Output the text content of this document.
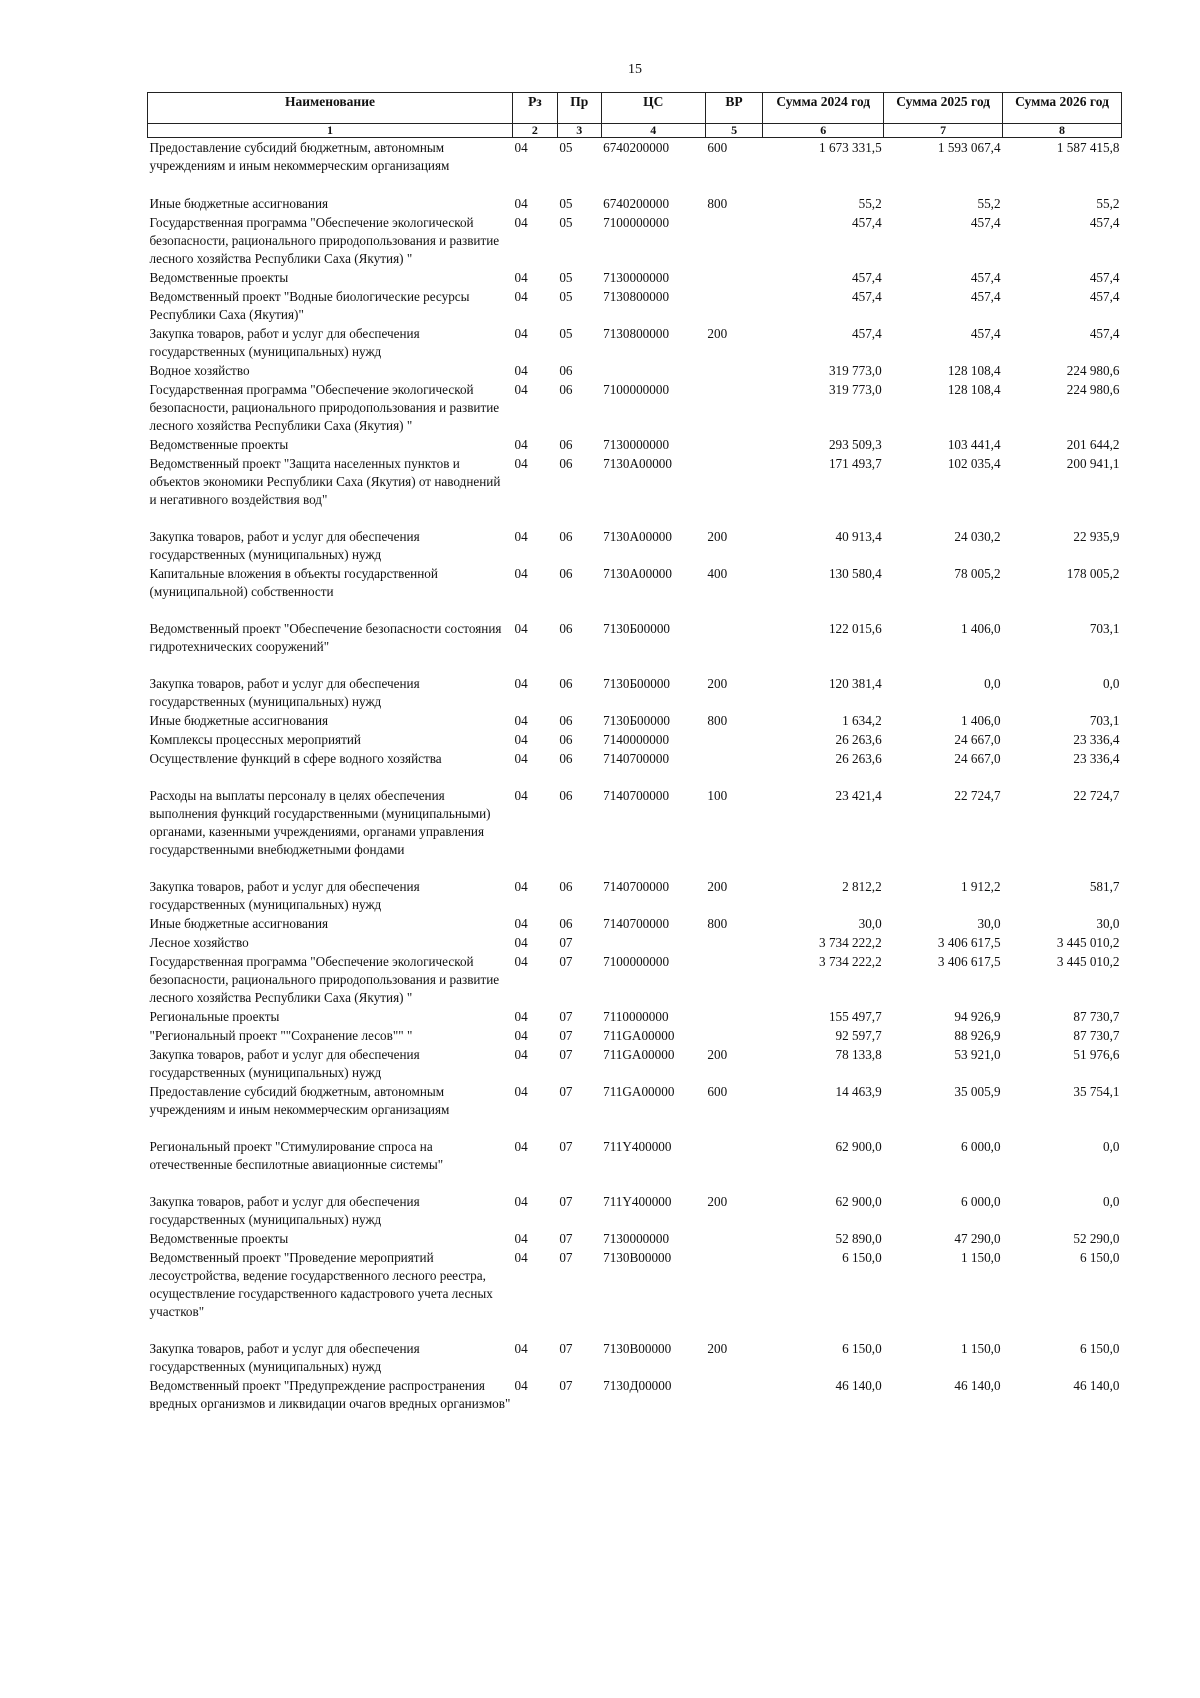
15
Наименование	Рз	Пр	ЦС	ВР	Сумма 2024 год	Сумма 2025 год	Сумма 2026 год
1	2	3	4	5	6	7	8
Предоставление субсидий бюджетным, автономным учреждениям и иным некоммерческим организациям	04	05	6740200000	600	1 673 331,5	1 593 067,4	1 587 415,8
Иные бюджетные ассигнования	04	05	6740200000	800	55,2	55,2	55,2
Государственная программа "Обеспечение экологической безопасности, рационального природопользования и развитие лесного хозяйства Республики Саха (Якутия) "	04	05	7100000000		457,4	457,4	457,4
Ведомственные проекты	04	05	7130000000		457,4	457,4	457,4
Ведомственный проект "Водные биологические ресурсы Республики Саха (Якутия)"	04	05	7130800000		457,4	457,4	457,4
Закупка товаров, работ и услуг для обеспечения государственных (муниципальных) нужд	04	05	7130800000	200	457,4	457,4	457,4
Водное хозяйство	04	06			319 773,0	128 108,4	224 980,6
Государственная программа "Обеспечение экологической безопасности, рационального природопользования и развитие лесного хозяйства Республики Саха (Якутия) "	04	06	7100000000		319 773,0	128 108,4	224 980,6
Ведомственные проекты	04	06	7130000000		293 509,3	103 441,4	201 644,2
Ведомственный проект "Защита населенных пунктов и объектов экономики Республики Саха (Якутия) от наводнений и негативного воздействия вод"	04	06	7130А00000		171 493,7	102 035,4	200 941,1
Закупка товаров, работ и услуг для обеспечения государственных (муниципальных) нужд	04	06	7130А00000	200	40 913,4	24 030,2	22 935,9
Капитальные вложения в объекты государственной (муниципальной) собственности	04	06	7130А00000	400	130 580,4	78 005,2	178 005,2
Ведомственный проект "Обеспечение безопасности состояния гидротехнических сооружений"	04	06	7130Б00000		122 015,6	1 406,0	703,1
Закупка товаров, работ и услуг для обеспечения государственных (муниципальных) нужд	04	06	7130Б00000	200	120 381,4	0,0	0,0
Иные бюджетные ассигнования	04	06	7130Б00000	800	1 634,2	1 406,0	703,1
Комплексы процессных мероприятий	04	06	7140000000		26 263,6	24 667,0	23 336,4
Осуществление функций в сфере водного хозяйства	04	06	7140700000		26 263,6	24 667,0	23 336,4
Расходы на выплаты персоналу в целях обеспечения выполнения функций государственными (муниципальными) органами, казенными учреждениями, органами управления государственными внебюджетными фондами	04	06	7140700000	100	23 421,4	22 724,7	22 724,7
Закупка товаров, работ и услуг для обеспечения государственных (муниципальных) нужд	04	06	7140700000	200	2 812,2	1 912,2	581,7
Иные бюджетные ассигнования	04	06	7140700000	800	30,0	30,0	30,0
Лесное хозяйство	04	07			3 734 222,2	3 406 617,5	3 445 010,2
Государственная программа "Обеспечение экологической безопасности, рационального природопользования и развитие лесного хозяйства Республики Саха (Якутия) "	04	07	7100000000		3 734 222,2	3 406 617,5	3 445 010,2
Региональные проекты	04	07	7110000000		155 497,7	94 926,9	87 730,7
"Региональный проект ""Сохранение лесов"" "	04	07	711GA00000		92 597,7	88 926,9	87 730,7
Закупка товаров, работ и услуг для обеспечения государственных (муниципальных) нужд	04	07	711GA00000	200	78 133,8	53 921,0	51 976,6
Предоставление субсидий бюджетным, автономным учреждениям и иным некоммерческим организациям	04	07	711GA00000	600	14 463,9	35 005,9	35 754,1
Региональный проект "Стимулирование спроса на отечественные беспилотные авиационные системы"	04	07	711Y400000		62 900,0	6 000,0	0,0
Закупка товаров, работ и услуг для обеспечения государственных (муниципальных) нужд	04	07	711Y400000	200	62 900,0	6 000,0	0,0
Ведомственные проекты	04	07	7130000000		52 890,0	47 290,0	52 290,0
Ведомственный проект "Проведение мероприятий лесоустройства, ведение государственного лесного реестра, осуществление государственного кадастрового учета лесных участков"	04	07	7130В00000		6 150,0	1 150,0	6 150,0
Закупка товаров, работ и услуг для обеспечения государственных (муниципальных) нужд	04	07	7130В00000	200	6 150,0	1 150,0	6 150,0
Ведомственный проект "Предупреждение распространения вредных организмов и ликвидации очагов вредных организмов"	04	07	7130Д00000		46 140,0	46 140,0	46 140,0
